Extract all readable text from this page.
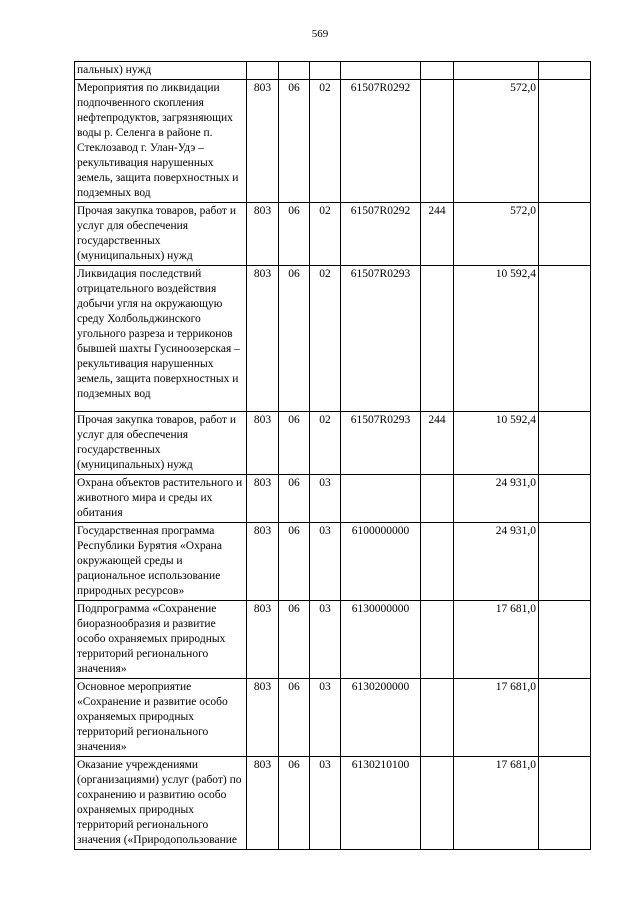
569
пальных) нужд							
Мероприятия по ликвидации подпочвенного скопления нефтепродуктов, загрязняющих воды р. Селенга в районе п. Стеклозавод г. Улан-Удэ – рекультивация нарушенных земель, защита поверхностных и подземных вод	803	06	02	61507R0292		572,0	
Прочая закупка товаров, работ и услуг для обеспечения государственных (муниципальных) нужд	803	06	02	61507R0292	244	572,0	
Ликвидация последствий отрицательного воздействия добычи угля на окружающую среду Холбольджинского угольного разреза и терриконов бывшей шахты Гусиноозерская – рекультивация нарушенных земель, защита поверхностных и подземных вод	803	06	02	61507R0293		10 592,4	
Прочая закупка товаров, работ и услуг для обеспечения государственных (муниципальных) нужд	803	06	02	61507R0293	244	10 592,4	
Охрана объектов растительного и животного мира и среды их обитания	803	06	03			24 931,0	
Государственная программа Республики Бурятия «Охрана окружающей среды и рациональное использование природных ресурсов»	803	06	03	6100000000		24 931,0	
Подпрограмма «Сохранение биоразнообразия и развитие особо охраняемых природных территорий регионального значения»	803	06	03	6130000000		17 681,0	
Основное мероприятие «Сохранение и развитие особо охраняемых природных территорий регионального значения»	803	06	03	6130200000		17 681,0	
Оказание учреждениями (организациями) услуг (работ) по сохранению и развитию особо охраняемых природных территорий регионального значения («Природопользование	803	06	03	6130210100		17 681,0	
